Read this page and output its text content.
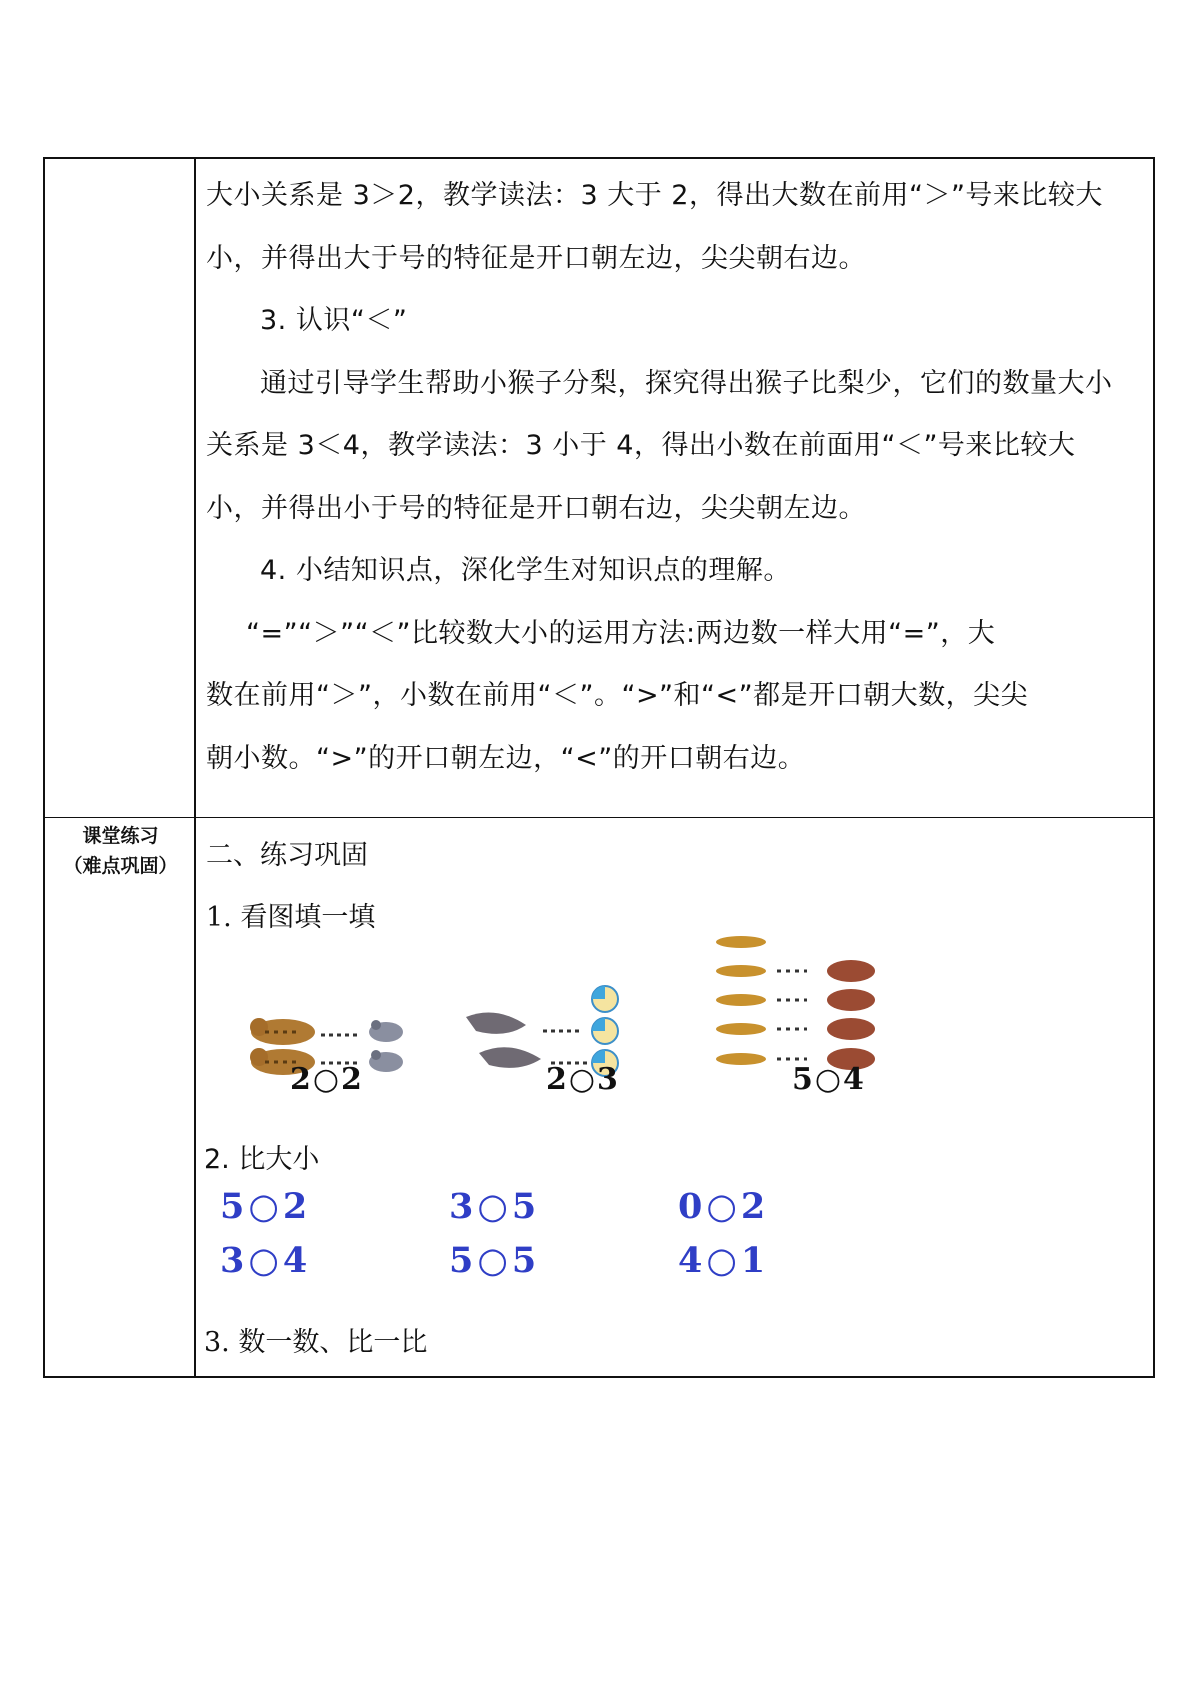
大小关系是 3＞2，教学读法：3 大于 2，得出大数在前用“＞”号来比较大

小，并得出大于号的特征是开口朝左边，尖尖朝右边。

3. 认识“＜”

通过引导学生帮助小猴子分梨，探究得出猴子比梨少，它们的数量大小

关系是 3＜4，教学读法：3 小于 4，得出小数在前面用“＜”号来比较大

小，并得出小于号的特征是开口朝右边，尖尖朝左边。

4. 小结知识点，深化学生对知识点的理解。

“=”“＞”“＜”比较数大小的运用方法:两边数一样大用“=”，大

数在前用“＞”，小数在前用“＜”。“>”和“<”都是开口朝大数，尖尖

朝小数。“>”的开口朝左边，“<”的开口朝右边。

课堂练习
（难点巩固）	二、练习巩固

1. 看图填一填

2○2	2○3	5○4
2. 比大小
5○2	3○5	0○2
3○4	5○5	4○1
3. 数一数、比一比
